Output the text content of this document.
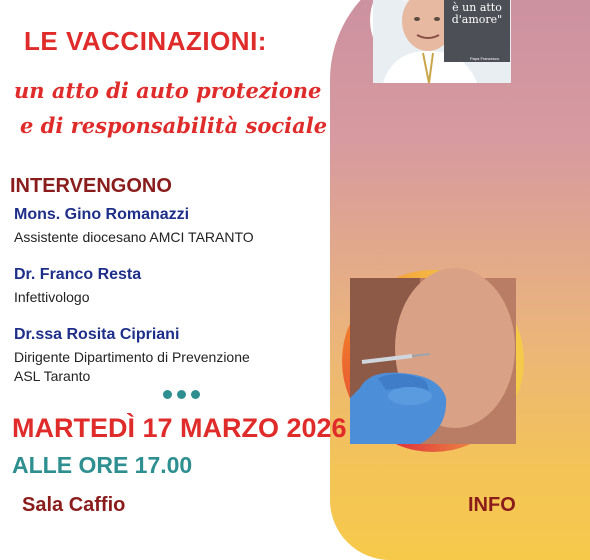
è un atto d'amore"
Papa Francesco
LE VACCINAZIONI:
un atto di auto protezione
e di responsabilità sociale
INTERVENGONO
Mons. Gino Romanazzi
Assistente diocesano AMCI TARANTO
Dr. Franco Resta
Infettivologo
Dr.ssa Rosita Cipriani
Dirigente Dipartimento di Prevenzione
ASL Taranto
MARTEDÌ 17 MARZO 2026
ALLE ORE 17.00
Sala Caffio	INFO
